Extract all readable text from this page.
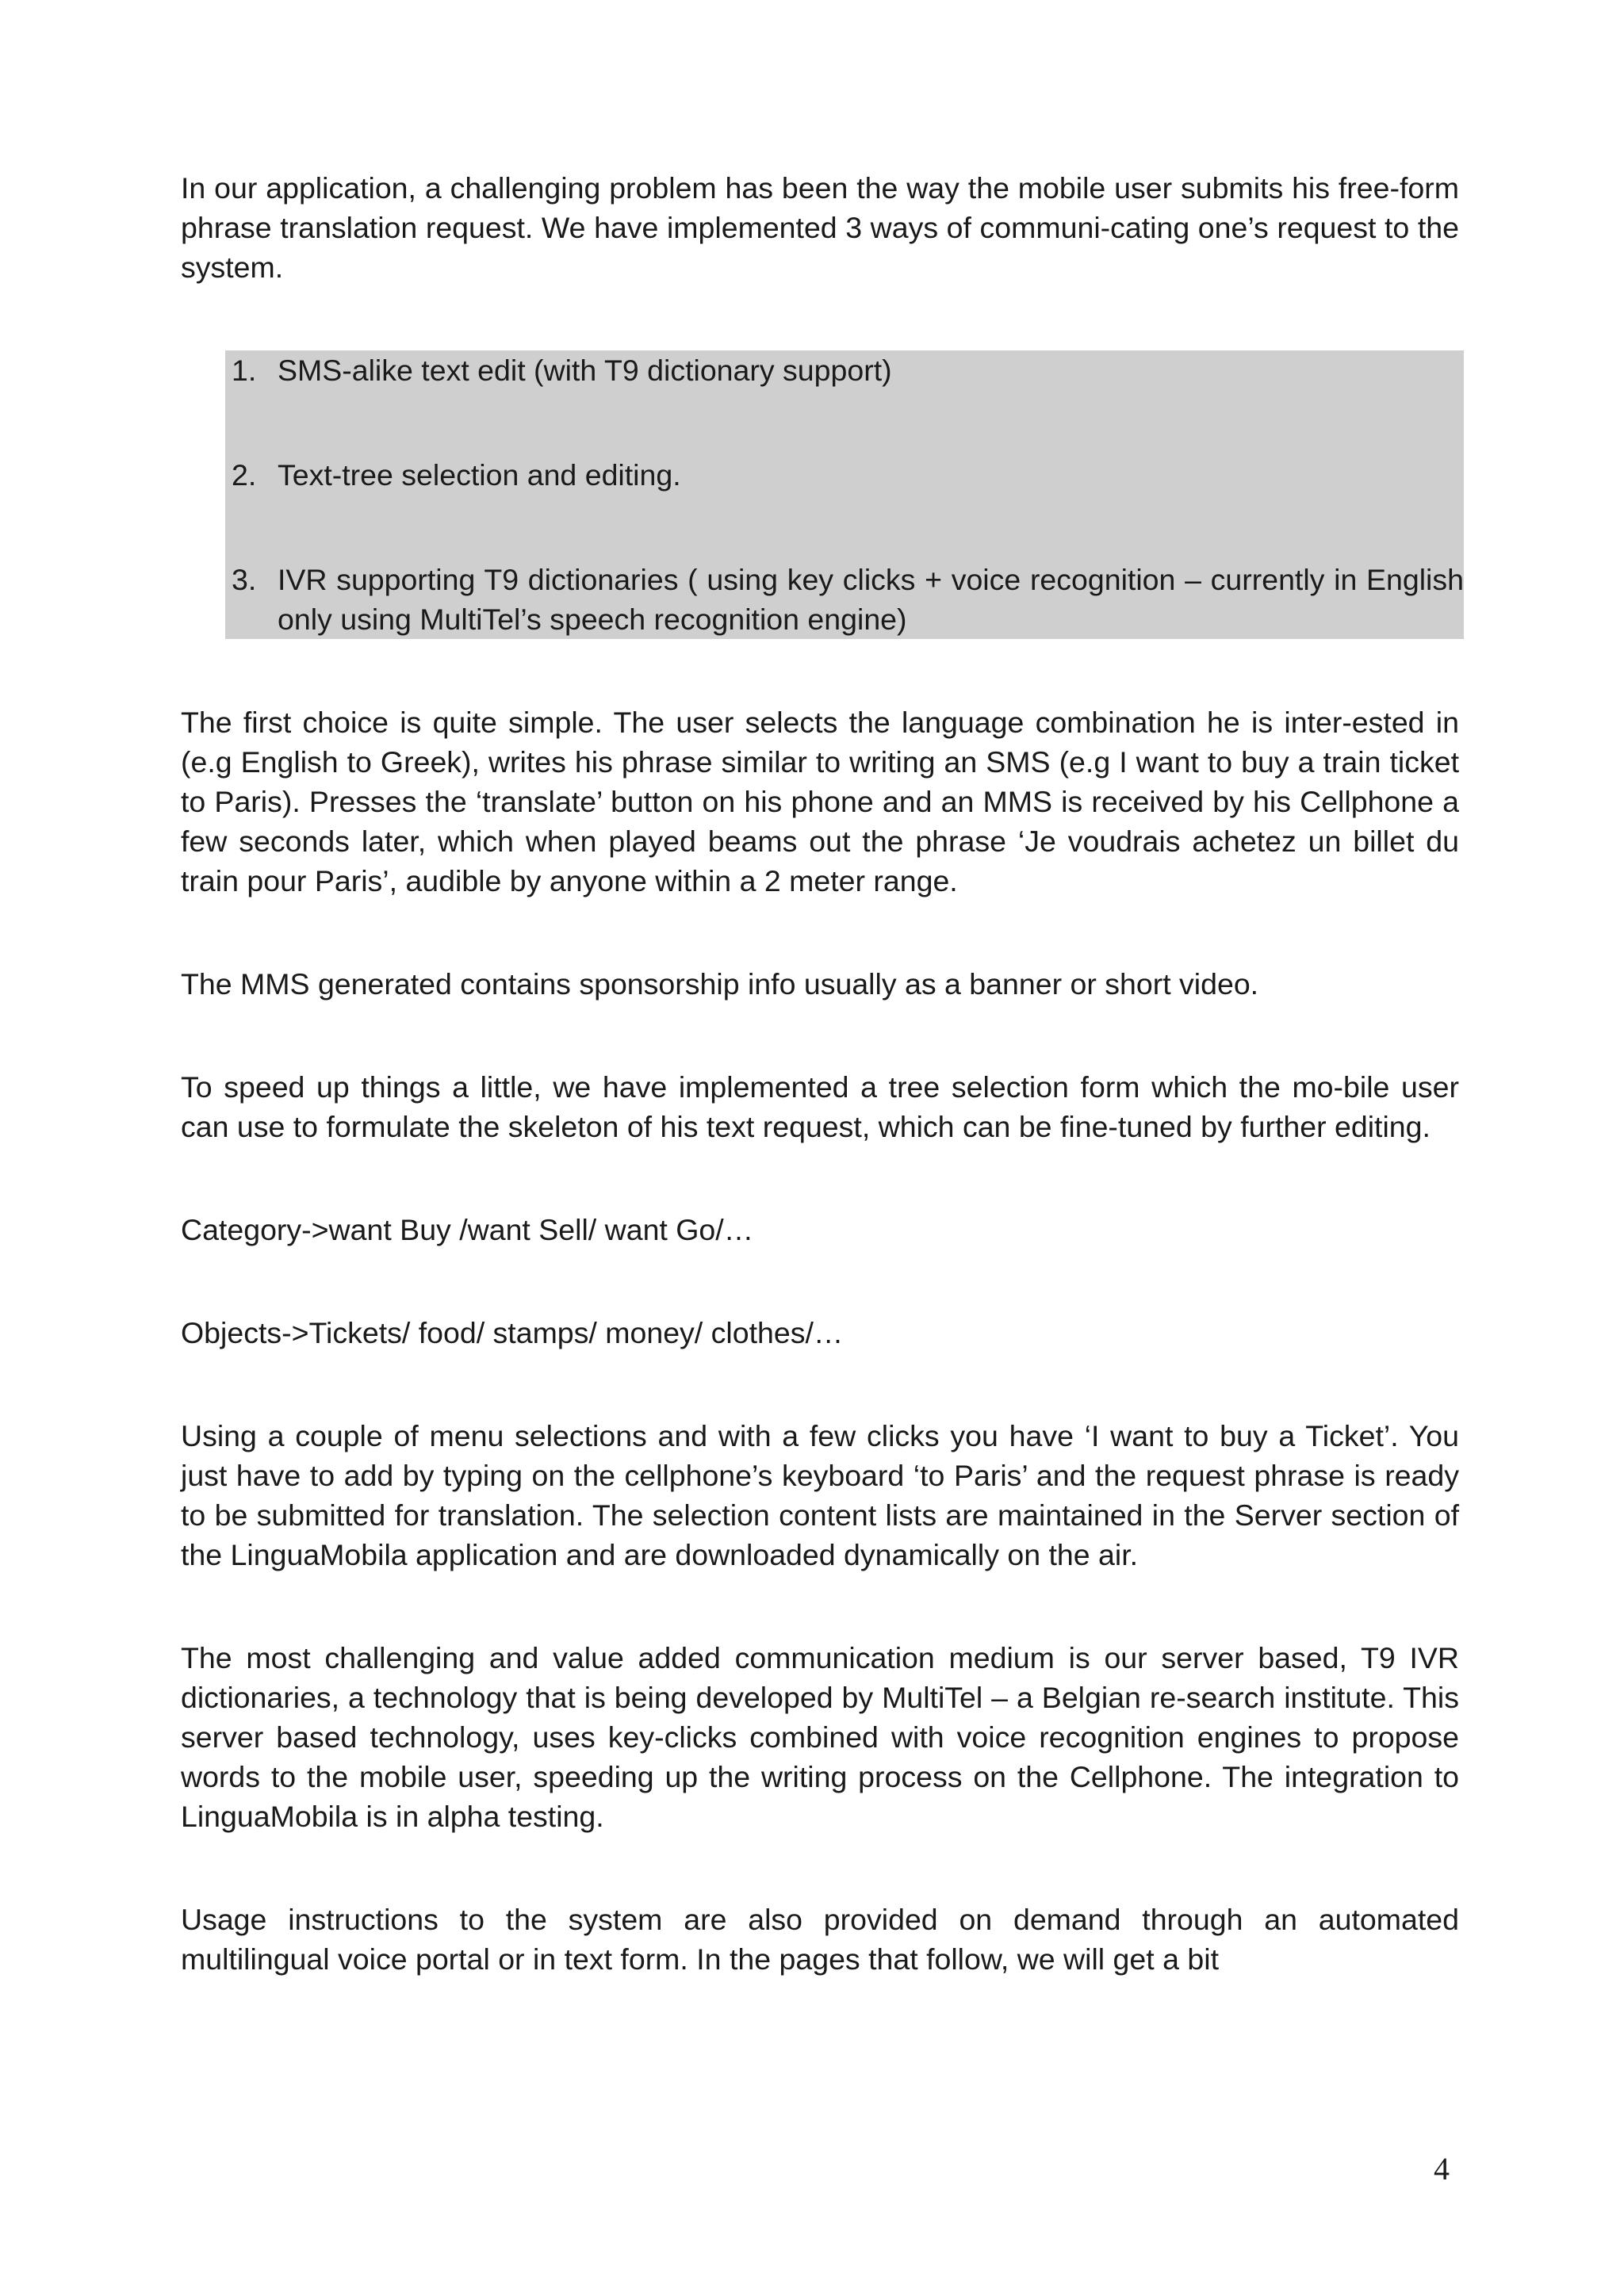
In our application, a challenging problem has been the way the mobile user submits his free-form phrase translation request. We have implemented 3 ways of communi-cating one’s request to the system.

1. SMS-alike text edit (with T9 dictionary support)
2. Text-tree selection and editing.
3. IVR supporting T9 dictionaries ( using key clicks + voice recognition – currently in English only using MultiTel’s speech recognition engine)

The first choice is quite simple. The user selects the language combination he is inter-ested in (e.g English to Greek), writes his phrase similar to writing an SMS (e.g I want to buy a train ticket to Paris). Presses the ‘translate’ button on his phone and an MMS is received by his Cellphone a few seconds later, which when played beams out the phrase ‘Je voudrais achetez un billet du train pour Paris’, audible by anyone within a 2 meter range.

The MMS generated contains sponsorship info usually as a banner or short video.

To speed up things a little, we have implemented a tree selection form which the mo-bile user can use to formulate the skeleton of his text request, which can be fine-tuned by further editing.

Category->want Buy /want Sell/ want Go/…

Objects->Tickets/ food/ stamps/ money/ clothes/…

Using a couple of menu selections and with a few clicks you have ‘I want to buy a Ticket’. You just have to add by typing on the cellphone’s keyboard ‘to Paris’ and the request phrase is ready to be submitted for translation. The selection content lists are maintained in the Server section of the LinguaMobila application and are downloaded dynamically on the air.

The most challenging and value added communication medium is our server based, T9 IVR dictionaries, a technology that is being developed by MultiTel – a Belgian re-search institute. This server based technology, uses key-clicks combined with voice recognition engines to propose words to the mobile user, speeding up the writing process on the Cellphone. The integration to LinguaMobila is in alpha testing.

Usage instructions to the system are also provided on demand through an automated multilingual voice portal or in text form. In the pages that follow, we will get a bit

4
